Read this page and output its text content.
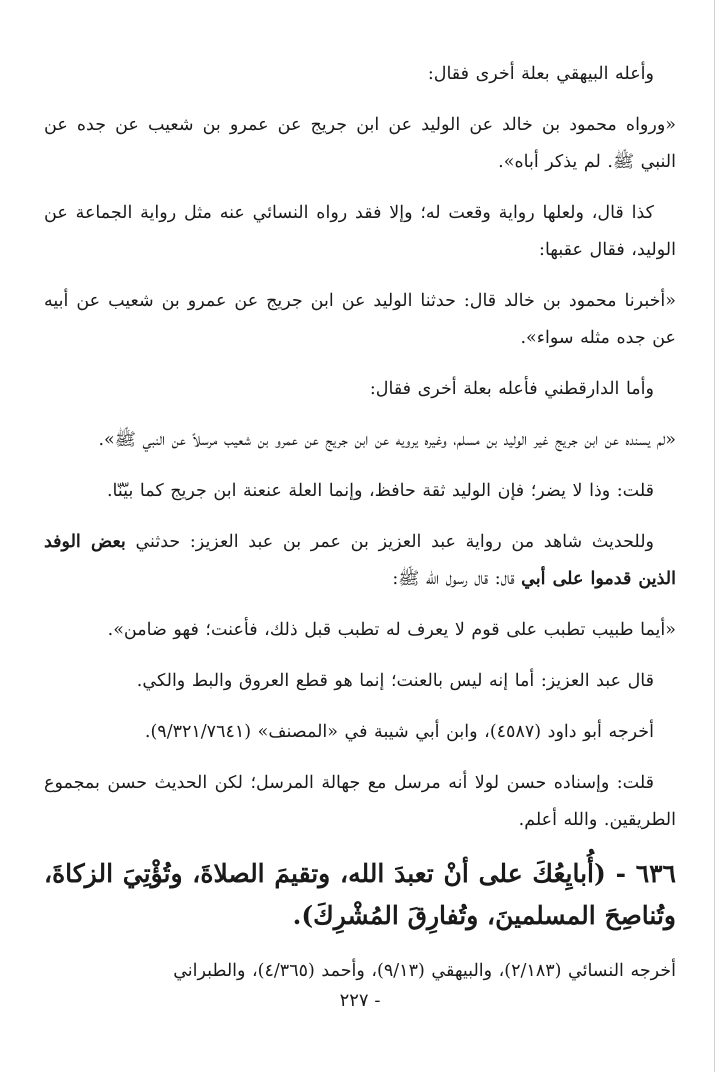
وأعله البيهقي بعلة أخرى فقال:

«ورواه محمود بن خالد عن الوليد عن ابن جريج عن عمرو بن شعيب عن جده عن النبي ﷺ. لم يذكر أباه».

كذا قال، ولعلها رواية وقعت له؛ وإلا فقد رواه النسائي عنه مثل رواية الجماعة عن الوليد، فقال عقبها:

«أخبرنا محمود بن خالد قال: حدثنا الوليد عن ابن جريج عن عمرو بن شعيب عن أبيه عن جده مثله سواء».

وأما الدارقطني فأعله بعلة أخرى فقال:

«لم يسنده عن ابن جريج غير الوليد بن مسلم، وغيره يرويه عن ابن جريج عن عمرو بن شعيب مرسلاً عن النبي ﷺ».

قلت: وذا لا يضر؛ فإن الوليد ثقة حافظ، وإنما العلة عنعنة ابن جريج كما بيّنّا.

وللحديث شاهد من رواية عبد العزيز بن عمر بن عبد العزيز: حدثني بعض الوفد الذين قدموا على أبي قال: قال رسول الله ﷺ:

«أيما طبيب تطبب على قوم لا يعرف له تطبب قبل ذلك، فأعنت؛ فهو ضامن».

قال عبد العزيز: أما إنه ليس بالعنت؛ إنما هو قطع العروق والبط والكي.

أخرجه أبو داود (٤٥٨٧)، وابن أبي شيبة في «المصنف» (٩/٣٢١/٧٦٤١).

قلت: وإسناده حسن لولا أنه مرسل مع جهالة المرسل؛ لكن الحديث حسن بمجموع الطريقين. والله أعلم.

٦٣٦ - (أُبايِعُكَ على أنْ تعبدَ الله، وتقيمَ الصلاةَ، وتُؤْتِيَ الزكاةَ، وتُناصِحَ المسلمينَ، وتُفارِقَ المُشْرِكَ).

أخرجه النسائي (٢/١٨٣)، والبيهقي (٩/١٣)، وأحمد (٤/٣٦٥)، والطبراني

- ٢٢٧
